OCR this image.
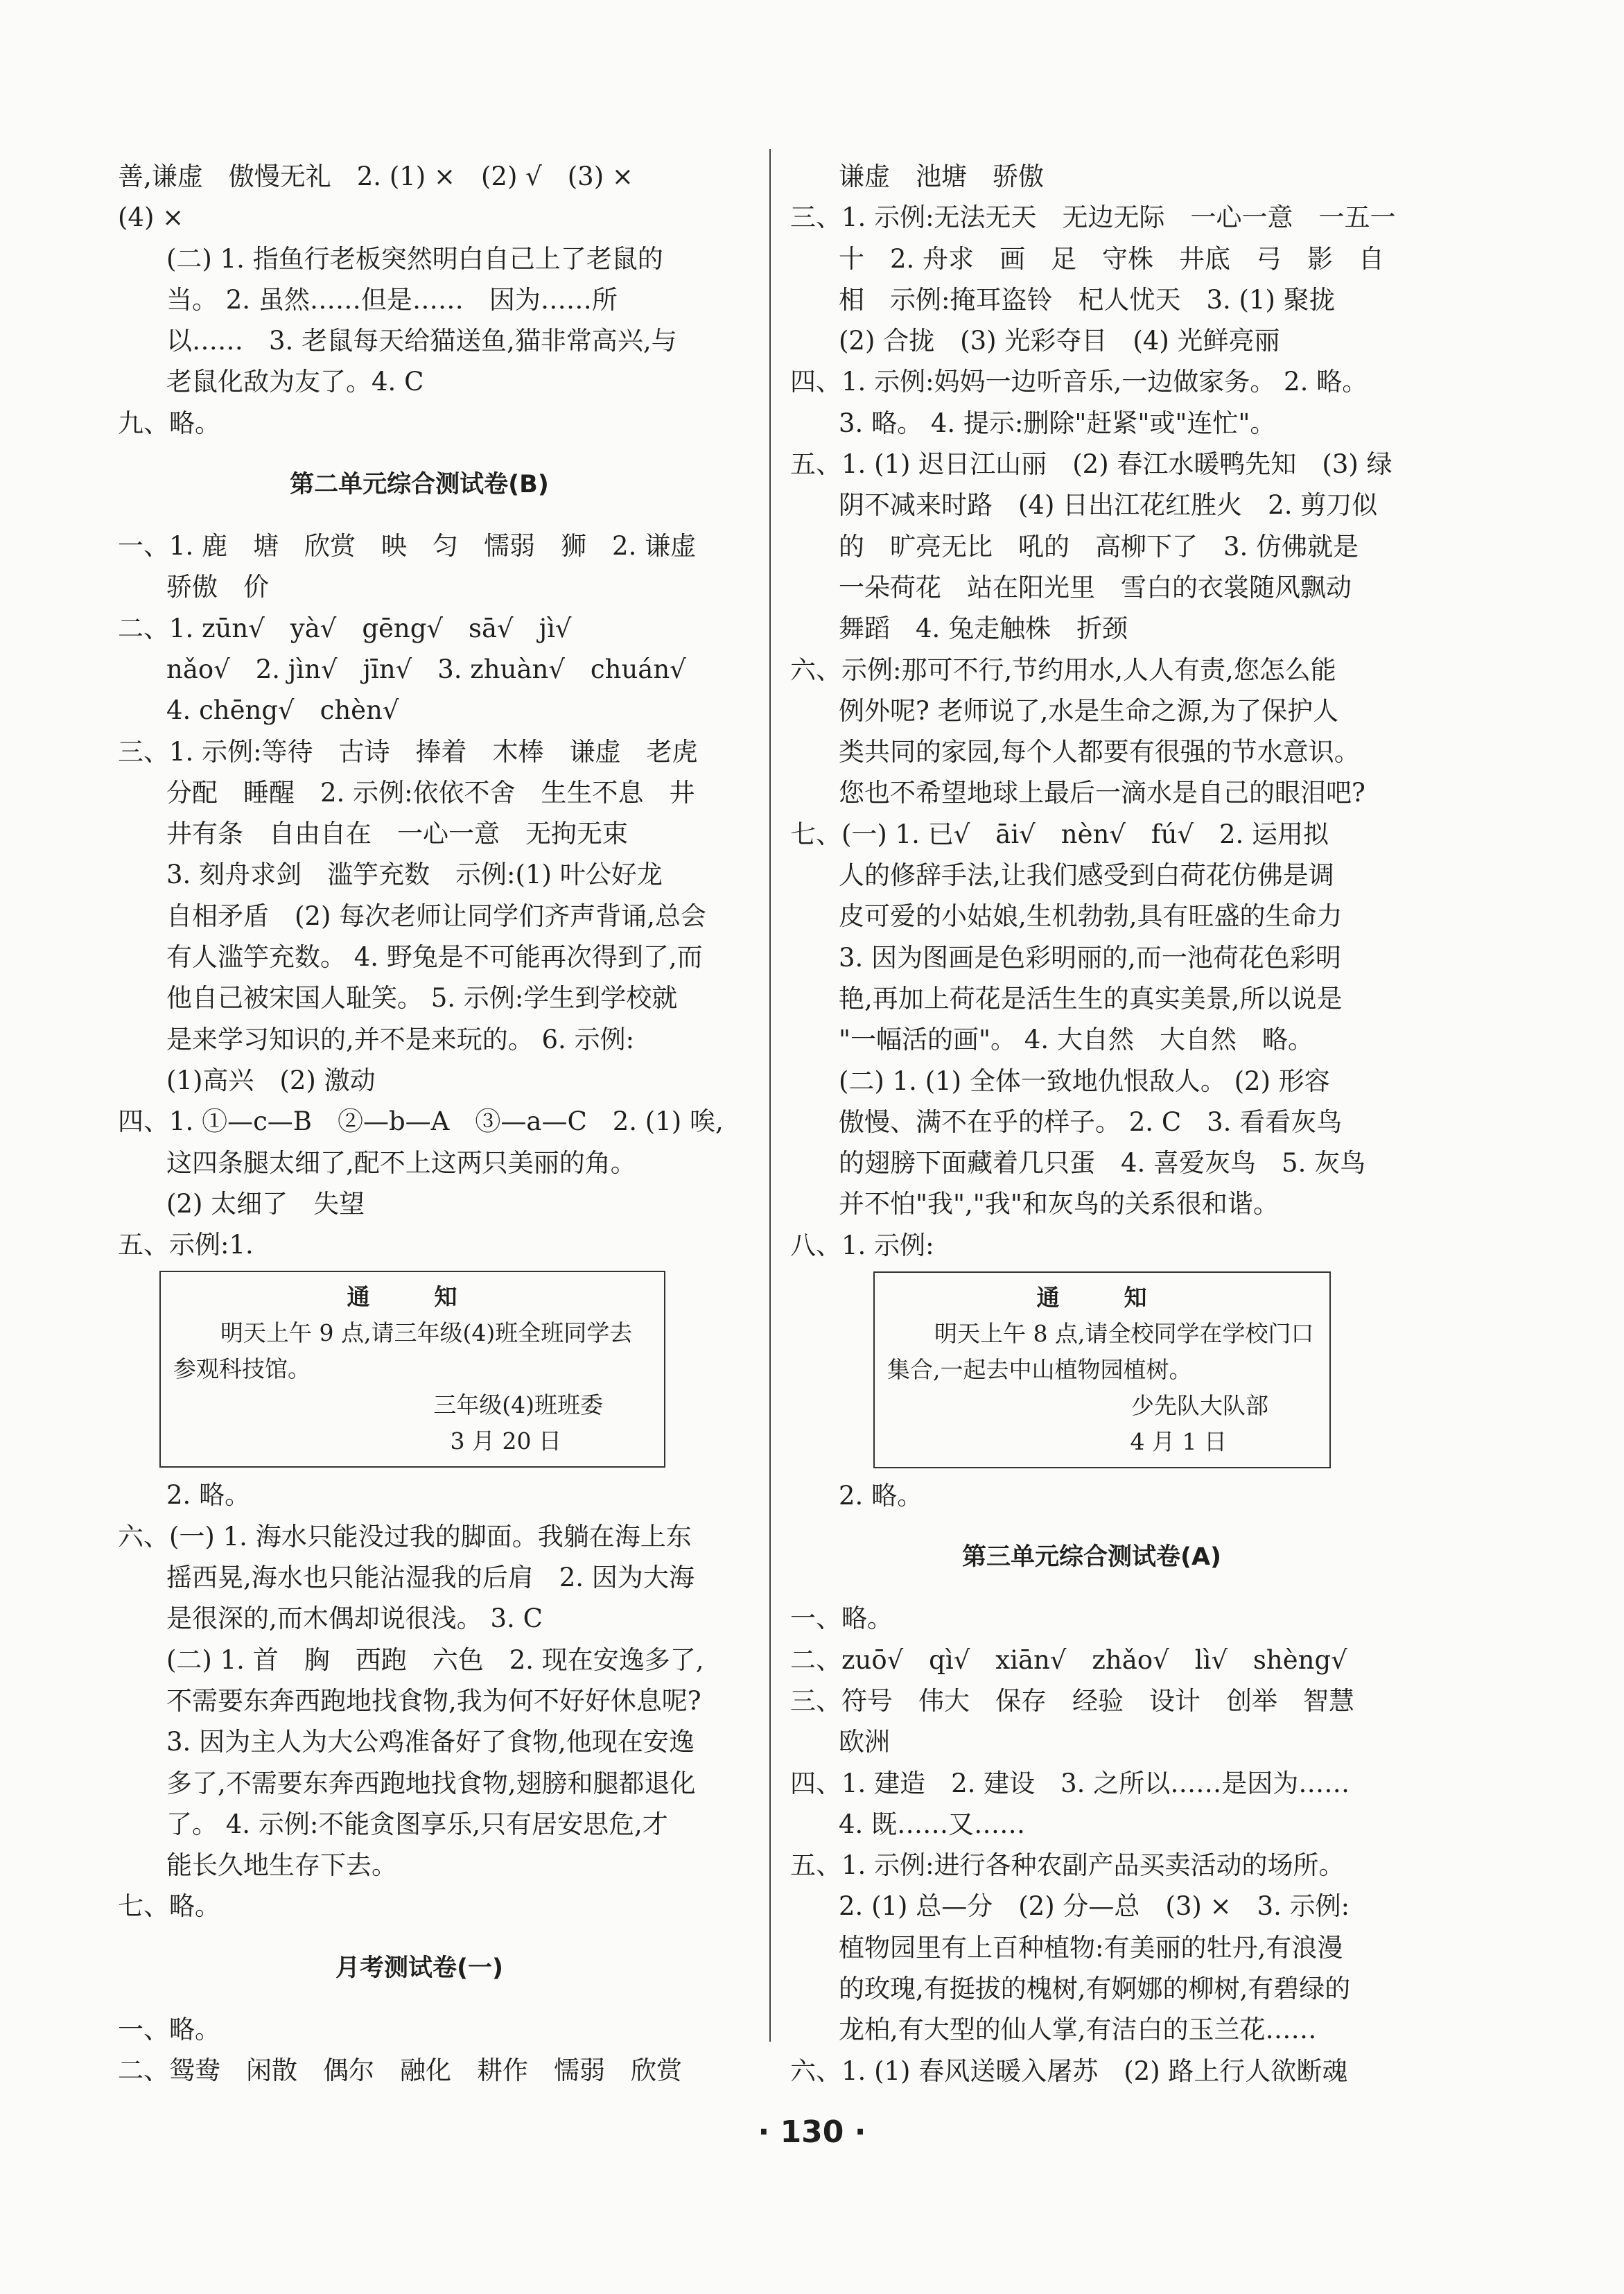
善,谦虚　傲慢无礼　2. (1) ×　(2) √　(3) ×
(4) ×
(二) 1. 指鱼行老板突然明白自己上了老鼠的
当。 2. 虽然……但是……　因为……所
以……　3. 老鼠每天给猫送鱼,猫非常高兴,与
老鼠化敌为友了。4. C
九、略。
第二单元综合测试卷(B)
一、1. 鹿　塘　欣赏　映　匀　懦弱　狮　2. 谦虚
骄傲　价
二、1. zūn√　yà√　gēng√　sā√　jì√
nǎo√　2. jìn√　jīn√　3. zhuàn√　chuán√
4. chēng√　chèn√
三、1. 示例:等待　古诗　捧着　木棒　谦虚　老虎
分配　睡醒　2. 示例:依依不舍　生生不息　井
井有条　自由自在　一心一意　无拘无束
3. 刻舟求剑　滥竽充数　示例:(1) 叶公好龙
自相矛盾　(2) 每次老师让同学们齐声背诵,总会
有人滥竽充数。 4. 野兔是不可能再次得到了,而
他自己被宋国人耻笑。 5. 示例:学生到学校就
是来学习知识的,并不是来玩的。 6. 示例:
(1)高兴　(2) 激动
四、1. ①—c—B　②—b—A　③—a—C　2. (1) 唉,
这四条腿太细了,配不上这两只美丽的角。
(2) 太细了　失望
五、示例:1.
通　知
明天上午 9 点,请三年级(4)班全班同学去参观科技馆。
三年级(4)班班委
3 月 20 日
2. 略。
六、(一) 1. 海水只能没过我的脚面。我躺在海上东
摇西晃,海水也只能沾湿我的后肩　2. 因为大海
是很深的,而木偶却说很浅。 3. C
(二) 1. 首　胸　西跑　六色　2. 现在安逸多了,
不需要东奔西跑地找食物,我为何不好好休息呢?
3. 因为主人为大公鸡准备好了食物,他现在安逸
多了,不需要东奔西跑地找食物,翅膀和腿都退化
了。 4. 示例:不能贪图享乐,只有居安思危,才
能长久地生存下去。
七、略。
月考测试卷(一)
一、略。
二、鸳鸯　闲散　偶尔　融化　耕作　懦弱　欣赏
谦虚　池塘　骄傲
三、1. 示例:无法无天　无边无际　一心一意　一五一
十　2. 舟求　画　足　守株　井底　弓　影　自
相　示例:掩耳盗铃　杞人忧天　3. (1) 聚拢
(2) 合拢　(3) 光彩夺目　(4) 光鲜亮丽
四、1. 示例:妈妈一边听音乐,一边做家务。 2. 略。
3. 略。 4. 提示:删除"赶紧"或"连忙"。
五、1. (1) 迟日江山丽　(2) 春江水暖鸭先知　(3) 绿
阴不减来时路　(4) 日出江花红胜火　2. 剪刀似
的　旷亮无比　吼的　高柳下了　3. 仿佛就是
一朵荷花　站在阳光里　雪白的衣裳随风飘动
舞蹈　4. 兔走触株　折颈
六、示例:那可不行,节约用水,人人有责,您怎么能
例外呢? 老师说了,水是生命之源,为了保护人
类共同的家园,每个人都要有很强的节水意识。
您也不希望地球上最后一滴水是自己的眼泪吧?
七、(一) 1. 已√　āi√　nèn√　fú√　2. 运用拟
人的修辞手法,让我们感受到白荷花仿佛是调
皮可爱的小姑娘,生机勃勃,具有旺盛的生命力
3. 因为图画是色彩明丽的,而一池荷花色彩明
艳,再加上荷花是活生生的真实美景,所以说是
"一幅活的画"。 4. 大自然　大自然　略。
(二) 1. (1) 全体一致地仇恨敌人。 (2) 形容
傲慢、满不在乎的样子。 2. C　3. 看看灰鸟
的翅膀下面藏着几只蛋　4. 喜爱灰鸟　5. 灰鸟
并不怕"我","我"和灰鸟的关系很和谐。
八、1. 示例:
通　知
明天上午 8 点,请全校同学在学校门口集合,一起去中山植物园植树。
少先队大队部
4 月 1 日
2. 略。
第三单元综合测试卷(A)
一、略。
二、zuō√　qì√　xiān√　zhǎo√　lì√　shèng√
三、符号　伟大　保存　经验　设计　创举　智慧
欧洲
四、1. 建造　2. 建设　3. 之所以……是因为……
4. 既……又……
五、1. 示例:进行各种农副产品买卖活动的场所。
2. (1) 总—分　(2) 分—总　(3) ×　3. 示例:
植物园里有上百种植物:有美丽的牡丹,有浪漫
的玫瑰,有挺拔的槐树,有婀娜的柳树,有碧绿的
龙柏,有大型的仙人掌,有洁白的玉兰花……
六、1. (1) 春风送暖入屠苏　(2) 路上行人欲断魂
· 130 ·
